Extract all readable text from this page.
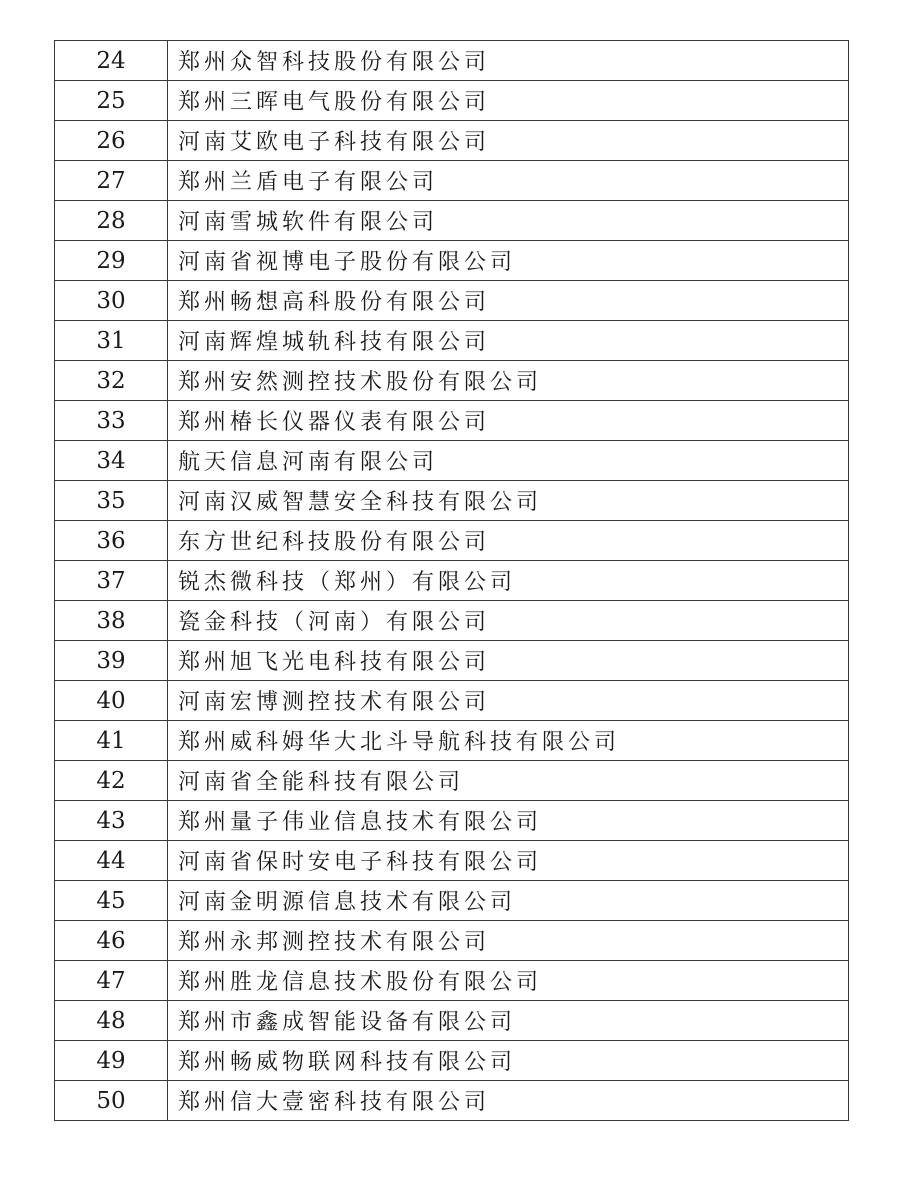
24	郑州众智科技股份有限公司
25	郑州三晖电气股份有限公司
26	河南艾欧电子科技有限公司
27	郑州兰盾电子有限公司
28	河南雪城软件有限公司
29	河南省视博电子股份有限公司
30	郑州畅想高科股份有限公司
31	河南辉煌城轨科技有限公司
32	郑州安然测控技术股份有限公司
33	郑州椿长仪器仪表有限公司
34	航天信息河南有限公司
35	河南汉威智慧安全科技有限公司
36	东方世纪科技股份有限公司
37	锐杰微科技（郑州）有限公司
38	瓷金科技（河南）有限公司
39	郑州旭飞光电科技有限公司
40	河南宏博测控技术有限公司
41	郑州威科姆华大北斗导航科技有限公司
42	河南省全能科技有限公司
43	郑州量子伟业信息技术有限公司
44	河南省保时安电子科技有限公司
45	河南金明源信息技术有限公司
46	郑州永邦测控技术有限公司
47	郑州胜龙信息技术股份有限公司
48	郑州市鑫成智能设备有限公司
49	郑州畅威物联网科技有限公司
50	郑州信大壹密科技有限公司
